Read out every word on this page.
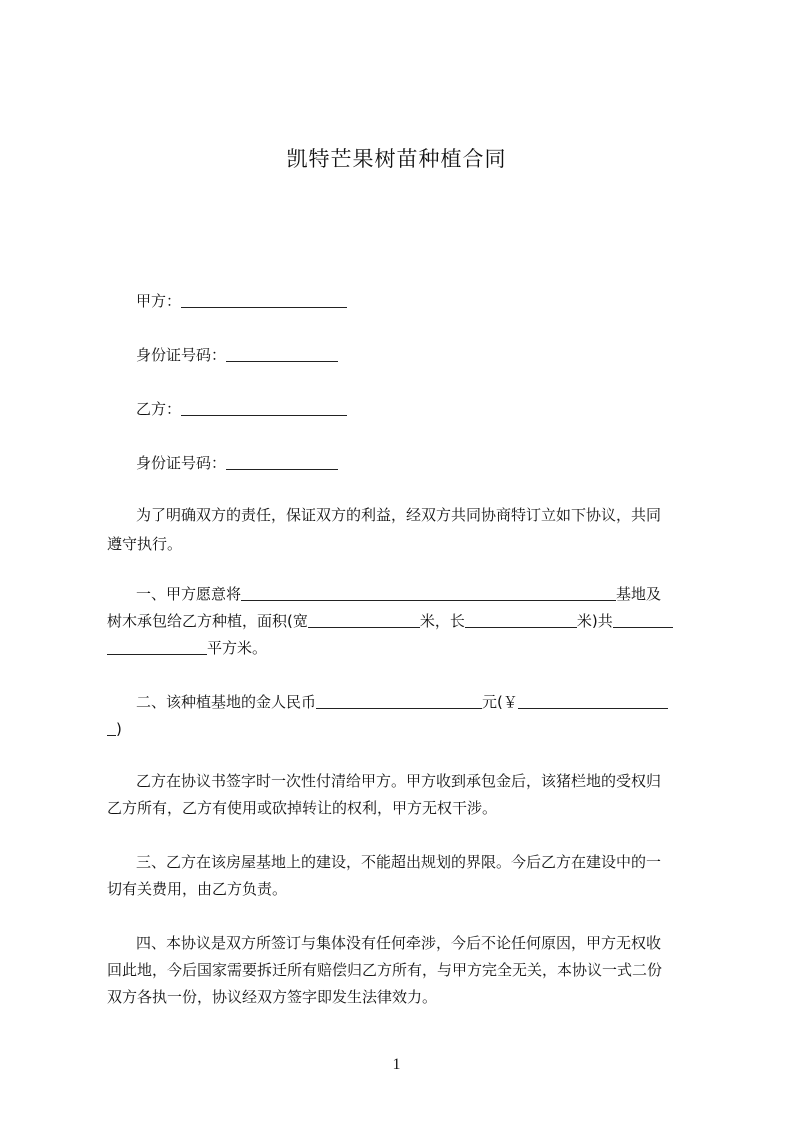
凯特芒果树苗种植合同
甲方：
身份证号码：
乙方：
身份证号码：
为了明确双方的责任，保证双方的利益，经双方共同协商特订立如下协议，共同
遵守执行。
一、甲方愿意将	基地及
树木承包给乙方种植，面积(宽	米，长	米)共
平方米。
二、该种植基地的金人民币	元(￥
)
乙方在协议书签字时一次性付清给甲方。甲方收到承包金后，该猪栏地的受权归
乙方所有，乙方有使用或砍掉转让的权利，甲方无权干涉。
三、乙方在该房屋基地上的建设，不能超出规划的界限。今后乙方在建设中的一
切有关费用，由乙方负责。
四、本协议是双方所签订与集体没有任何牵涉，今后不论任何原因，甲方无权收
回此地，今后国家需要拆迁所有赔偿归乙方所有，与甲方完全无关，本协议一式二份
双方各执一份，协议经双方签字即发生法律效力。
1
